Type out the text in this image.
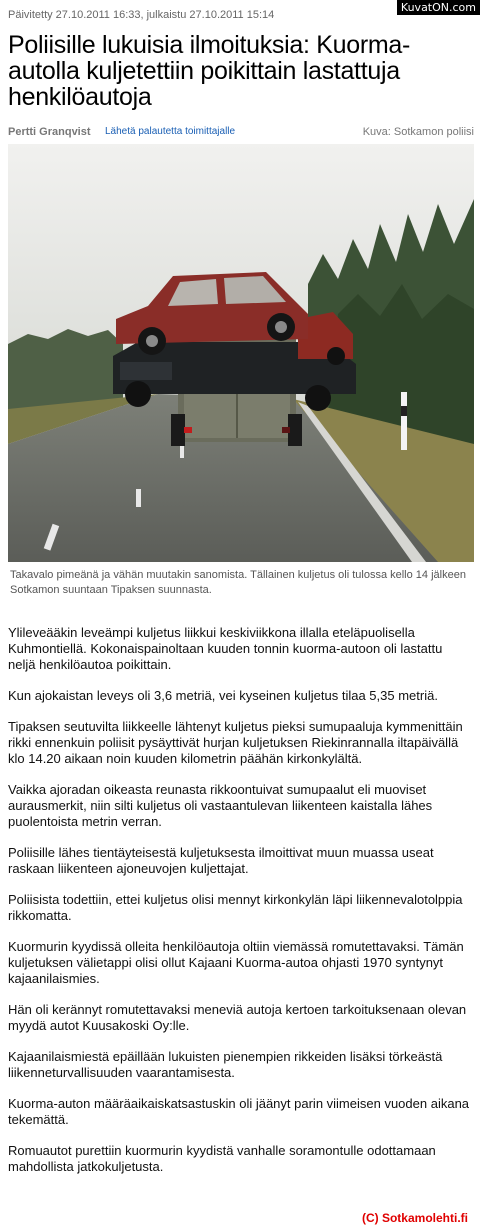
KuvatON.com
Päivitetty 27.10.2011 16:33, julkaistu 27.10.2011 15:14
Poliisille lukuisia ilmoituksia: Kuorma-autolla kuljetettiin poikittain lastattuja henkilöautoja
Pertti Granqvist Lähetä palautetta toimittajalle	Kuva: Sotkamon poliisi

Takavalo pimeänä ja vähän muutakin sanomista. Tällainen kuljetus oli tulossa kello 14 jälkeen Sotkamon suuntaan Tipaksen suunnasta.

Ylileveääkin leveämpi kuljetus liikkui keskiviikkona illalla eteläpuolisella Kuhmontiellä. Kokonaispainoltaan kuuden tonnin kuorma-autoon oli lastattu neljä henkilöautoa poikittain.

Kun ajokaistan leveys oli 3,6 metriä, vei kyseinen kuljetus tilaa 5,35 metriä.

Tipaksen seutuvilta liikkeelle lähtenyt kuljetus pieksi sumupaaluja kymmenittäin rikki ennenkuin poliisit pysäyttivät hurjan kuljetuksen Riekinrannalla iltapäivällä klo 14.20 aikaan noin kuuden kilometrin päähän kirkonkylältä.

Vaikka ajoradan oikeasta reunasta rikkoontuivat sumupaalut eli muoviset aurausmerkit, niin silti kuljetus oli vastaantulevan liikenteen kaistalla lähes puolentoista metrin verran.

Poliisille lähes tientäyteisestä kuljetuksesta ilmoittivat muun muassa useat raskaan liikenteen ajoneuvojen kuljettajat.

Poliisista todettiin, ettei kuljetus olisi mennyt kirkonkylän läpi liikennevalotolppia rikkomatta.

Kuormurin kyydissä olleita henkilöautoja oltiin viemässä romutettavaksi. Tämän kuljetuksen välietappi olisi ollut Kajaani Kuorma-autoa ohjasti 1970 syntynyt kajaanilaismies.

Hän oli kerännyt romutettavaksi meneviä autoja kertoen tarkoituksenaan olevan myydä autot Kuusakoski Oy:lle.

Kajaanilaismiestä epäillään lukuisten pienempien rikkeiden lisäksi törkeästä liikenneturvallisuuden vaarantamisesta.

Kuorma-auton määräaikaiskatsastuskin oli jäänyt parin viimeisen vuoden aikana tekemättä.

Romuautot purettiin kuormurin kyydistä vanhalle soramontulle odottamaan mahdollista jatkokuljetusta.

(C) Sotkamolehti.fi
